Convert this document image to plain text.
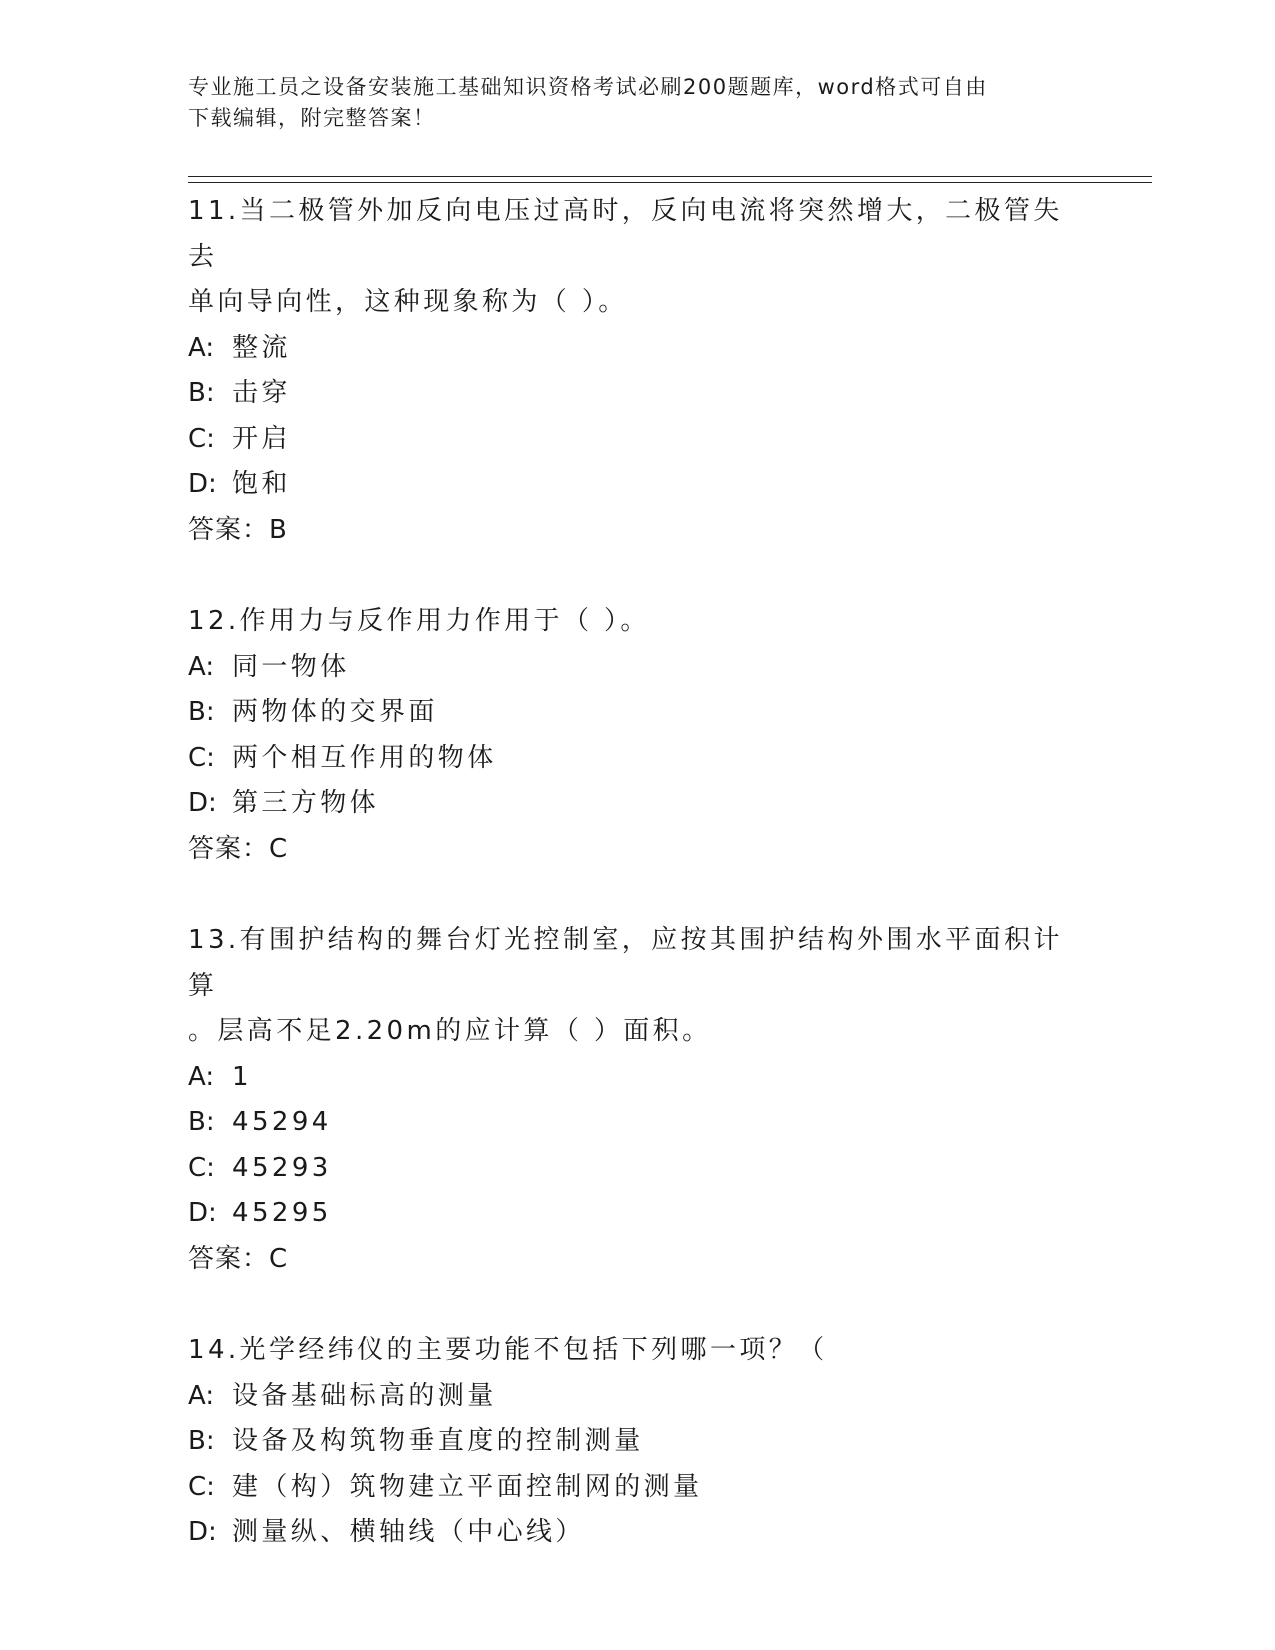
专业施工员之设备安装施工基础知识资格考试必刷200题题库，word格式可自由
下载编辑，附完整答案！
11.当二极管外加反向电压过高时，反向电流将突然增大，二极管失去
单向导向性，这种现象称为（ ）。
A: 整流
B: 击穿
C: 开启
D: 饱和
答案：B
12.作用力与反作用力作用于（ ）。
A: 同一物体
B: 两物体的交界面
C: 两个相互作用的物体
D: 第三方物体
答案：C
13.有围护结构的舞台灯光控制室，应按其围护结构外围水平面积计算
。层高不足2.20m的应计算（ ）面积。
A: 1
B: 45294
C: 45293
D: 45295
答案：C
14.光学经纬仪的主要功能不包括下列哪一项？（
A: 设备基础标高的测量
B: 设备及构筑物垂直度的控制测量
C: 建（构）筑物建立平面控制网的测量
D: 测量纵、横轴线（中心线）
